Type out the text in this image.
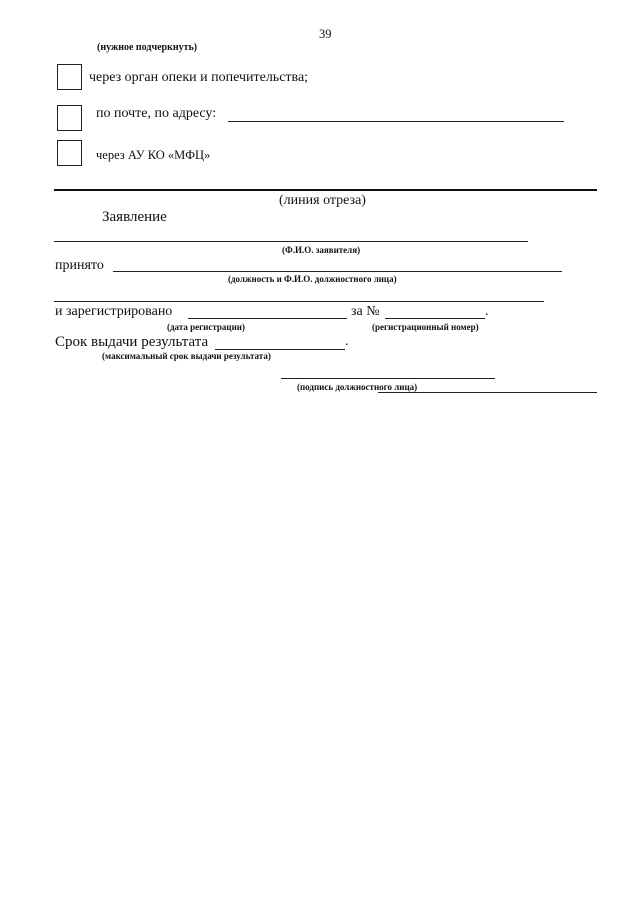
39
(нужное подчеркнуть)
через орган опеки и попечительства;
по почте, по адресу:
через АУ КО «МФЦ»
(линия отреза)
Заявление
(Ф.И.О. заявителя)
принято
(должность и Ф.И.О. должностного лица)
и зарегистрировано	за №	.
(дата регистрации)	(регистрационный номер)
Срок выдачи результата	.
(максимальный срок выдачи результата)
(подпись должностного лица)
